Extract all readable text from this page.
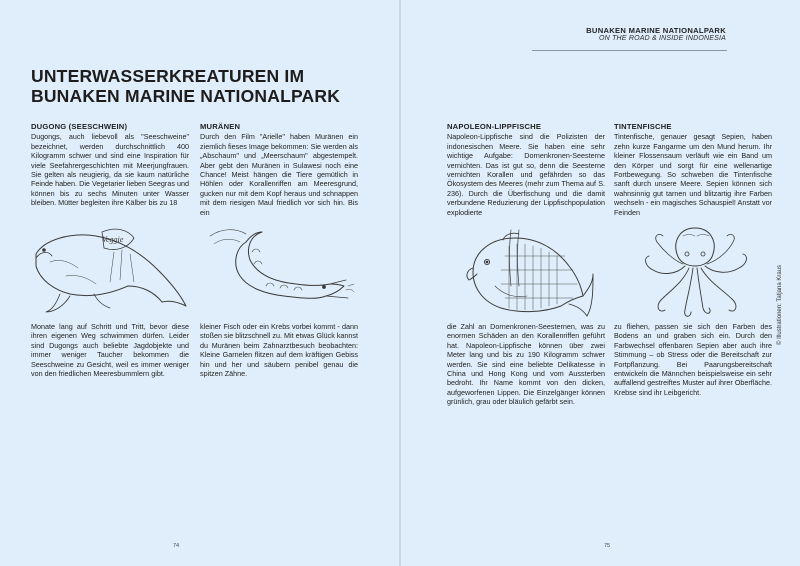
UNTERWASSERKREATUREN IM BUNAKEN MARINE NATIONALPARK
DUGONG (SEESCHWEIN)
Dugongs, auch liebevoll als "Seeschweine" bezeichnet, werden durchschnittlich 400 Kilogramm schwer und sind eine Inspiration für viele Seefahrergeschichten mit Meerjungfrauen. Sie gelten als neugierig, da sie kaum natürliche Feinde haben. Die Vegetarier lieben Seegras und können bis zu sechs Minuten unter Wasser bleiben. Mütter begleiten ihre Kälber bis zu 18
Veggie
Monate lang auf Schritt und Tritt, bevor diese ihren eigenen Weg schwimmen dürfen. Leider sind Dugongs auch beliebte Jagdobjekte und immer weniger Taucher bekommen die Seeschweine zu Gesicht, weil es immer weniger von den friedlichen Meeresbummlern gibt.
MURÄNEN
Durch den Film "Arielle" haben Muränen ein ziemlich fieses Image bekommen: Sie werden als „Abschaum" und „Meerschaum" abgestempelt. Aber gebt den Muränen in Sulawesi noch eine Chance! Meist hängen die Tiere gemütlich in Höhlen oder Korallenriffen am Meeresgrund, gucken nur mit dem Kopf heraus und schnappen mit dem riesigen Maul friedlich vor sich hin. Bis ein
kleiner Fisch oder ein Krebs vorbei kommt - dann stoßen sie blitzschnell zu. Mit etwas Glück kannst du Muränen beim Zahnarztbesuch beobachten: Kleine Garnelen flitzen auf dem kräftigen Gebiss hin und her und säubern penibel genau die spitzen Zähne.
74
BUNAKEN MARINE NATIONALPARK
ON THE ROAD & INSIDE INDONESIA
NAPOLEON-LIPPFISCHE
Napoleon-Lippfische sind die Polizisten der indonesischen Meere. Sie haben eine sehr wichtige Aufgabe: Dornenkronen-Seesterne vernichten. Das ist gut so, denn die Seesterne vernichten Korallen und gefährden so das Ökosystem des Meeres (mehr zum Thema auf S. 236). Durch die Überfischung und die damit verbundene Reduzierung der Lippfischpopulation explodierte
die Zahl an Dornenkronen-Seesternen, was zu enormen Schäden an den Korallenriffen geführt hat. Napoleon-Lippfische können über zwei Meter lang und bis zu 190 Kilogramm schwer werden. Sie sind eine beliebte Delikatesse in China und Hong Kong und vom Aussterben bedroht. Ihr Name kommt von den dicken, aufgeworfenen Lippen. Die Einzelgänger können grünlich, grau oder bläulich gefärbt sein.
TINTENFISCHE
Tintenfische, genauer gesagt Sepien, haben zehn kurze Fangarme um den Mund herum. Ihr kleiner Flossensaum verläuft wie ein Band um den Körper und sorgt für eine wellenartige Fortbewegung. So schweben die Tintenfische sanft durch unsere Meere. Sepien können sich wahnsinnig gut tarnen und blitzartig ihre Farben wechseln - ein magisches Schauspiel! Anstatt vor Feinden
zu fliehen, passen sie sich den Farben des Bodens an und graben sich ein. Durch den Farbwechsel offenbaren Sepien aber auch ihre Stimmung – ob Stress oder die Bereitschaft zur Fortpflanzung. Bei Paarungsbereitschaft entwickeln die Männchen beispielsweise ein sehr auffallend gestreiftes Muster auf ihrer Oberfläche. Krebse sind ihr Leibgericht.
75
© Illustrationen: Tatjana Kraus
